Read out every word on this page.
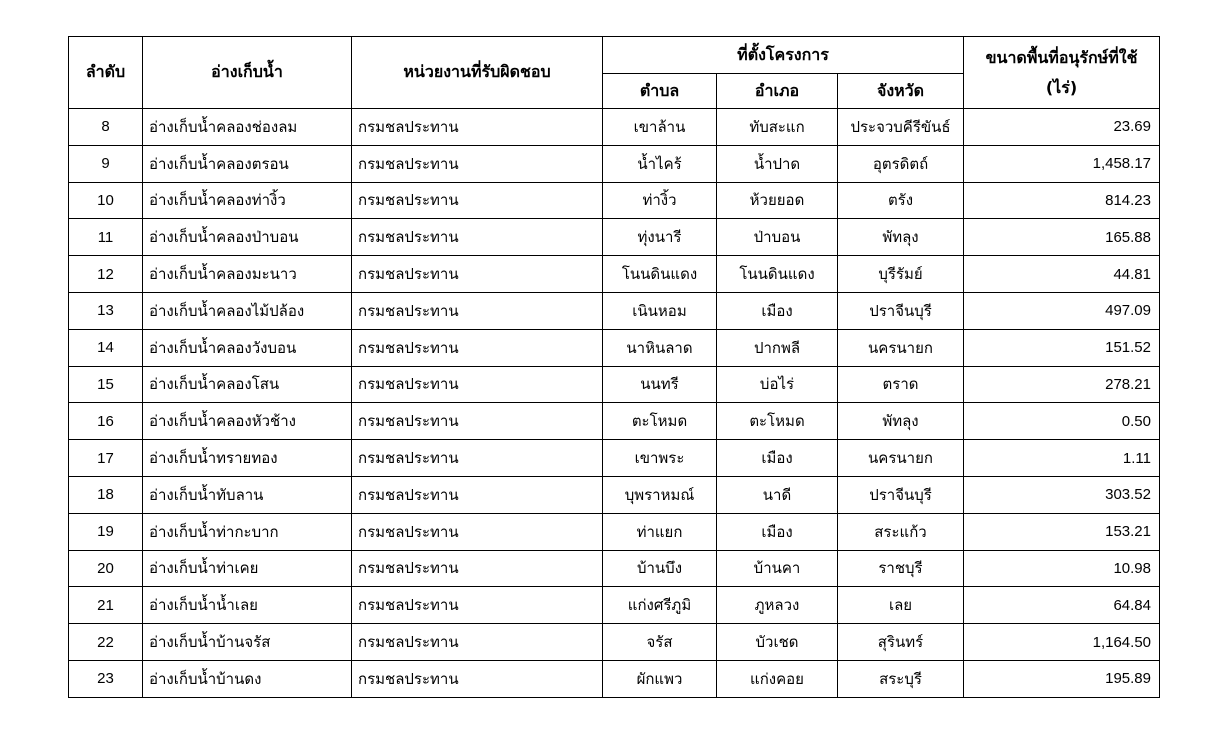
ลำดับ	อ่างเก็บน้ำ	หน่วยงานที่รับผิดชอบ	ที่ตั้งโครงการ			ขนาดพื้นที่อนุรักษ์ที่ใช้
(ไร่)

			ตำบล	อำเภอ	จังหวัด	
8	อ่างเก็บน้ำคลองช่องลม	กรมชลประทาน	เขาล้าน	ทับสะแก	ประจวบคีรีขันธ์	23.69
9	อ่างเก็บน้ำคลองตรอน	กรมชลประทาน	น้ำไคร้	น้ำปาด	อุตรดิตถ์	1,458.17
10	อ่างเก็บน้ำคลองท่างิ้ว	กรมชลประทาน	ท่างิ้ว	ห้วยยอด	ตรัง	814.23
11	อ่างเก็บน้ำคลองป่าบอน	กรมชลประทาน	ทุ่งนารี	ป่าบอน	พัทลุง	165.88
12	อ่างเก็บน้ำคลองมะนาว	กรมชลประทาน	โนนดินแดง	โนนดินแดง	บุรีรัมย์	44.81
13	อ่างเก็บน้ำคลองไม้ปล้อง	กรมชลประทาน	เนินหอม	เมือง	ปราจีนบุรี	497.09
14	อ่างเก็บน้ำคลองวังบอน	กรมชลประทาน	นาหินลาด	ปากพลี	นครนายก	151.52
15	อ่างเก็บน้ำคลองโสน	กรมชลประทาน	นนทรี	บ่อไร่	ตราด	278.21
16	อ่างเก็บน้ำคลองหัวช้าง	กรมชลประทาน	ตะโหมด	ตะโหมด	พัทลุง	0.50
17	อ่างเก็บน้ำทรายทอง	กรมชลประทาน	เขาพระ	เมือง	นครนายก	1.11
18	อ่างเก็บน้ำทับลาน	กรมชลประทาน	บุพราหมณ์	นาดี	ปราจีนบุรี	303.52
19	อ่างเก็บน้ำท่ากะบาก	กรมชลประทาน	ท่าแยก	เมือง	สระแก้ว	153.21
20	อ่างเก็บน้ำท่าเคย	กรมชลประทาน	บ้านบึง	บ้านคา	ราชบุรี	10.98
21	อ่างเก็บน้ำน้ำเลย	กรมชลประทาน	แก่งศรีภูมิ	ภูหลวง	เลย	64.84
22	อ่างเก็บน้ำบ้านจรัส	กรมชลประทาน	จรัส	บัวเชด	สุรินทร์	1,164.50
23	อ่างเก็บน้ำบ้านดง	กรมชลประทาน	ผักแพว	แก่งคอย	สระบุรี	195.89
